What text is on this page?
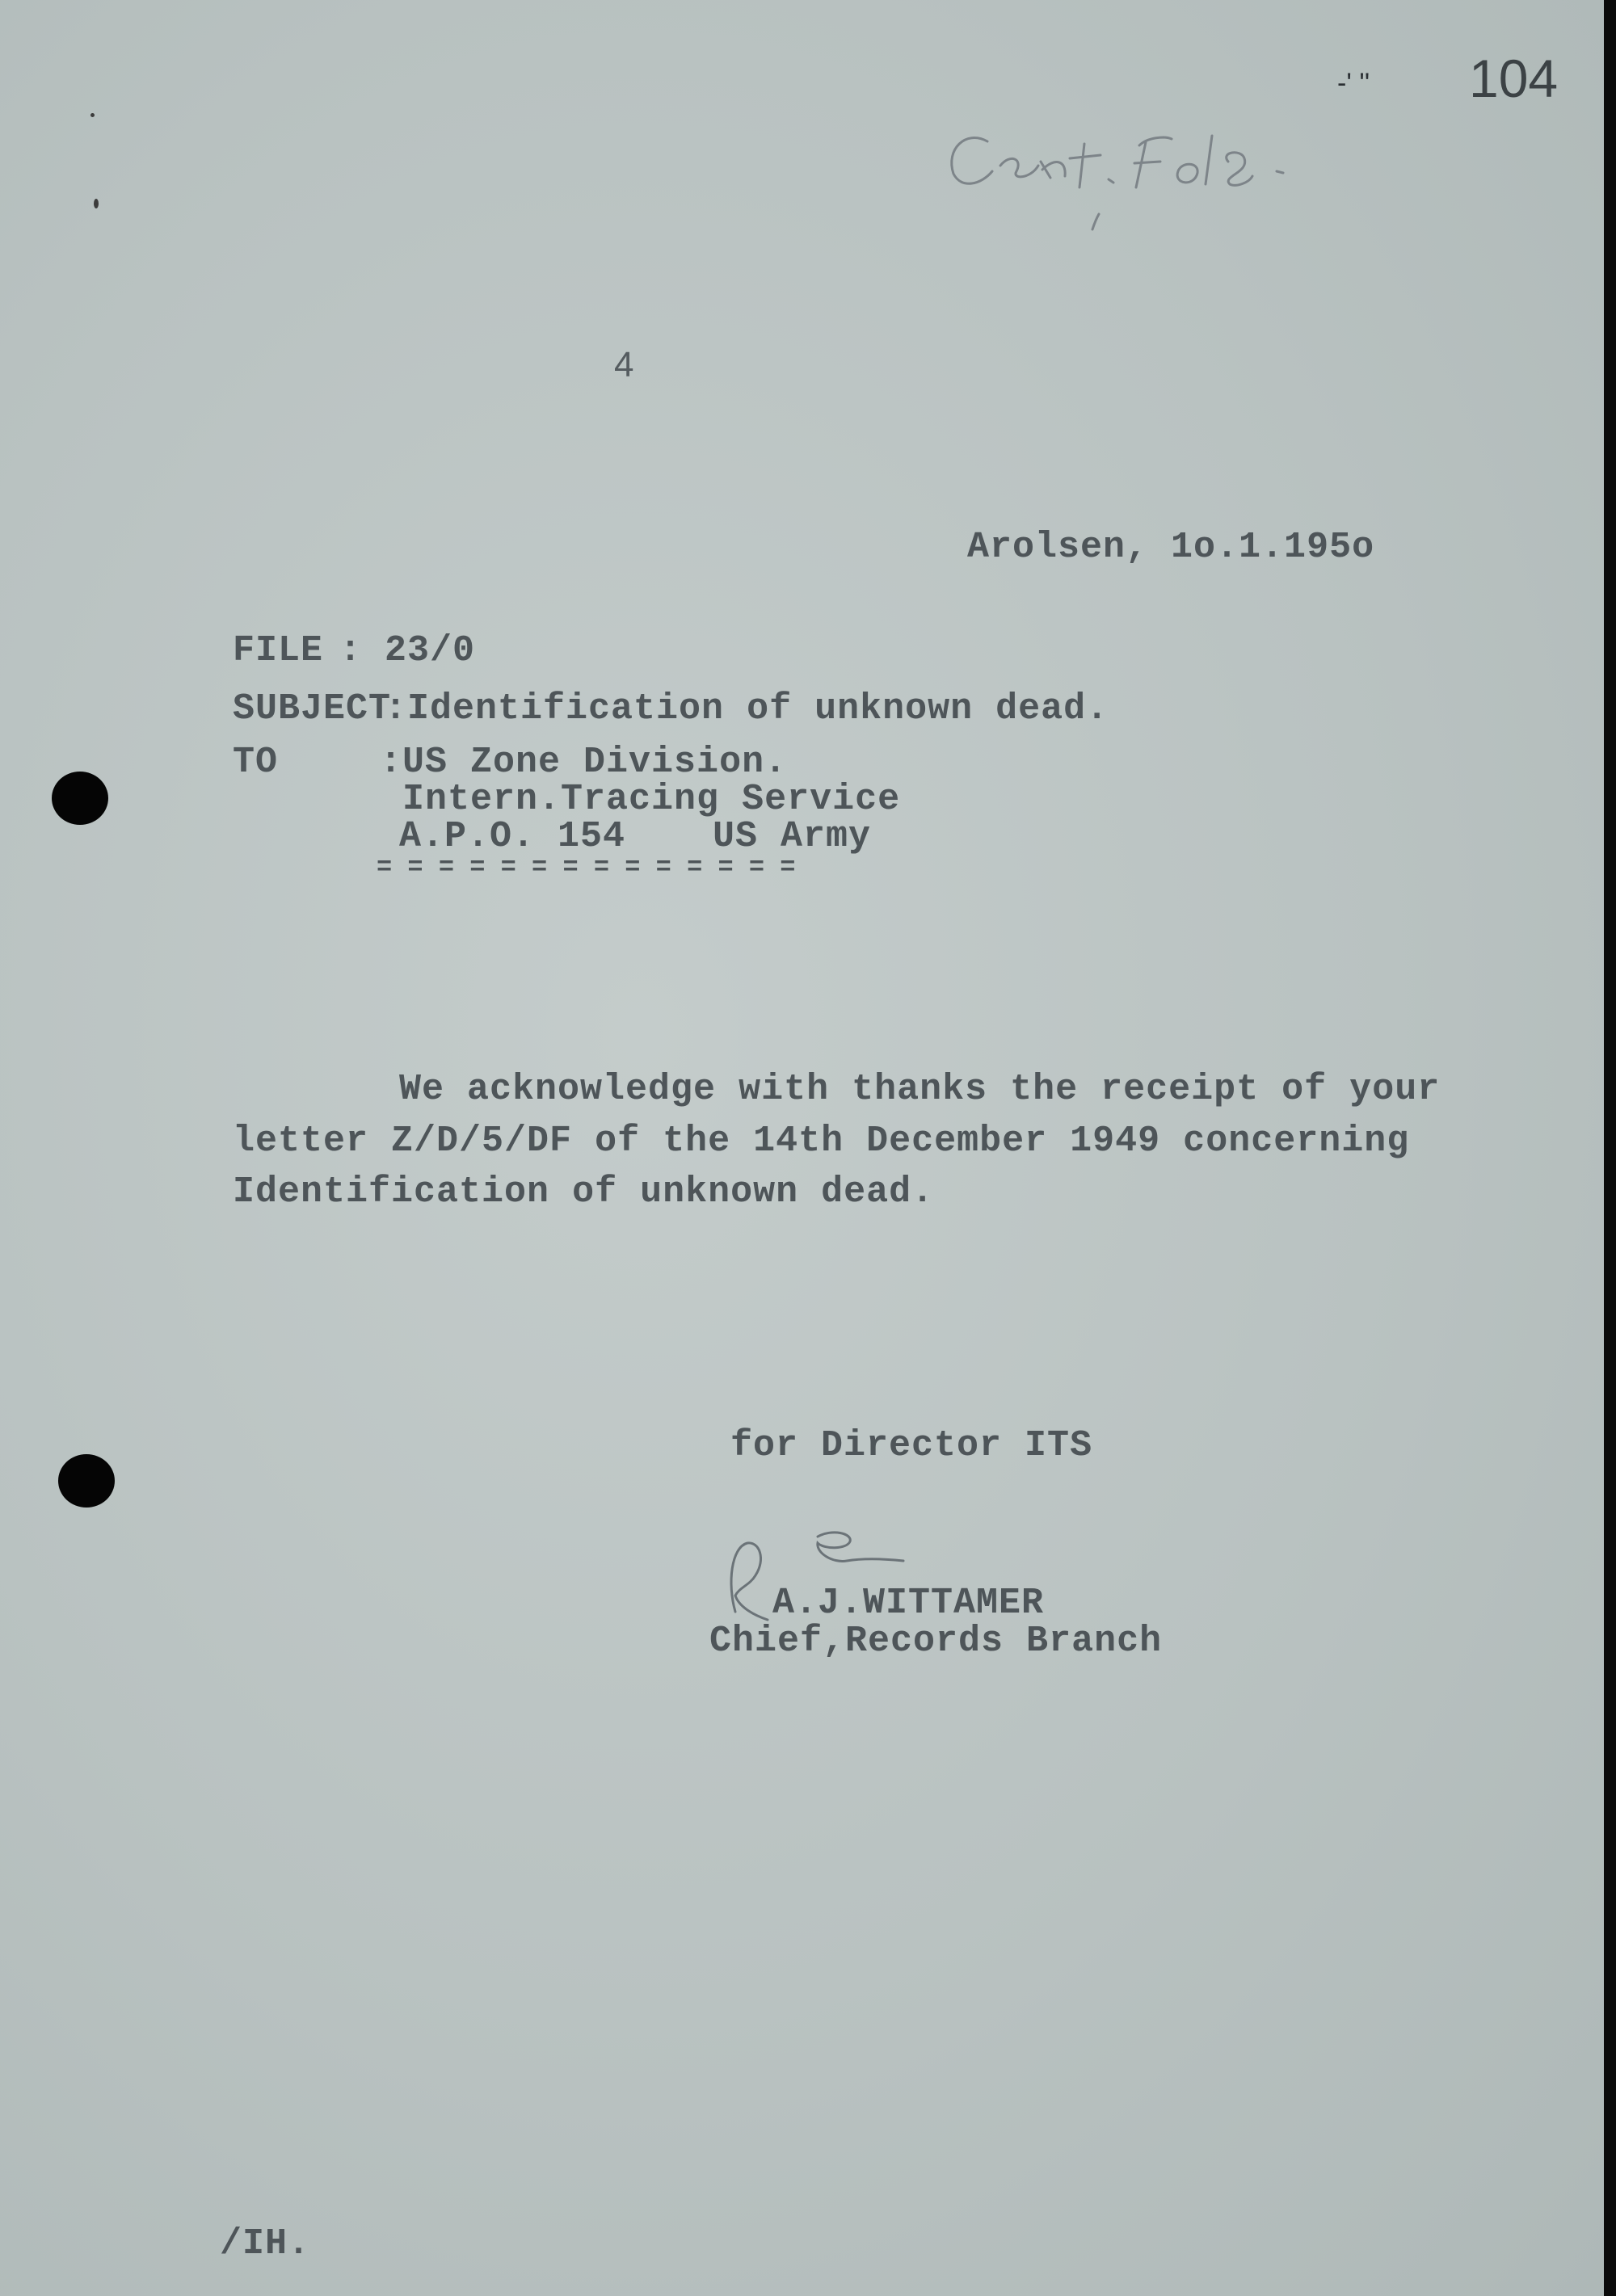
-' '' 104
4
Arolsen, 1o.1.195o
FILE : 23/0
SUBJECT
:Identification of unknown dead.
TO	:US Zone Division.
Intern.Tracing Service
A.P.O. 154 US Army
= = = = = = = = = = = = = =
We acknowledge with thanks the receipt of your
letter Z/D/5/DF of the 14th December 1949 concerning
Identification of unknown dead.
for Director ITS
A.J.WITTAMER
Chief,Records Branch
/IH.
